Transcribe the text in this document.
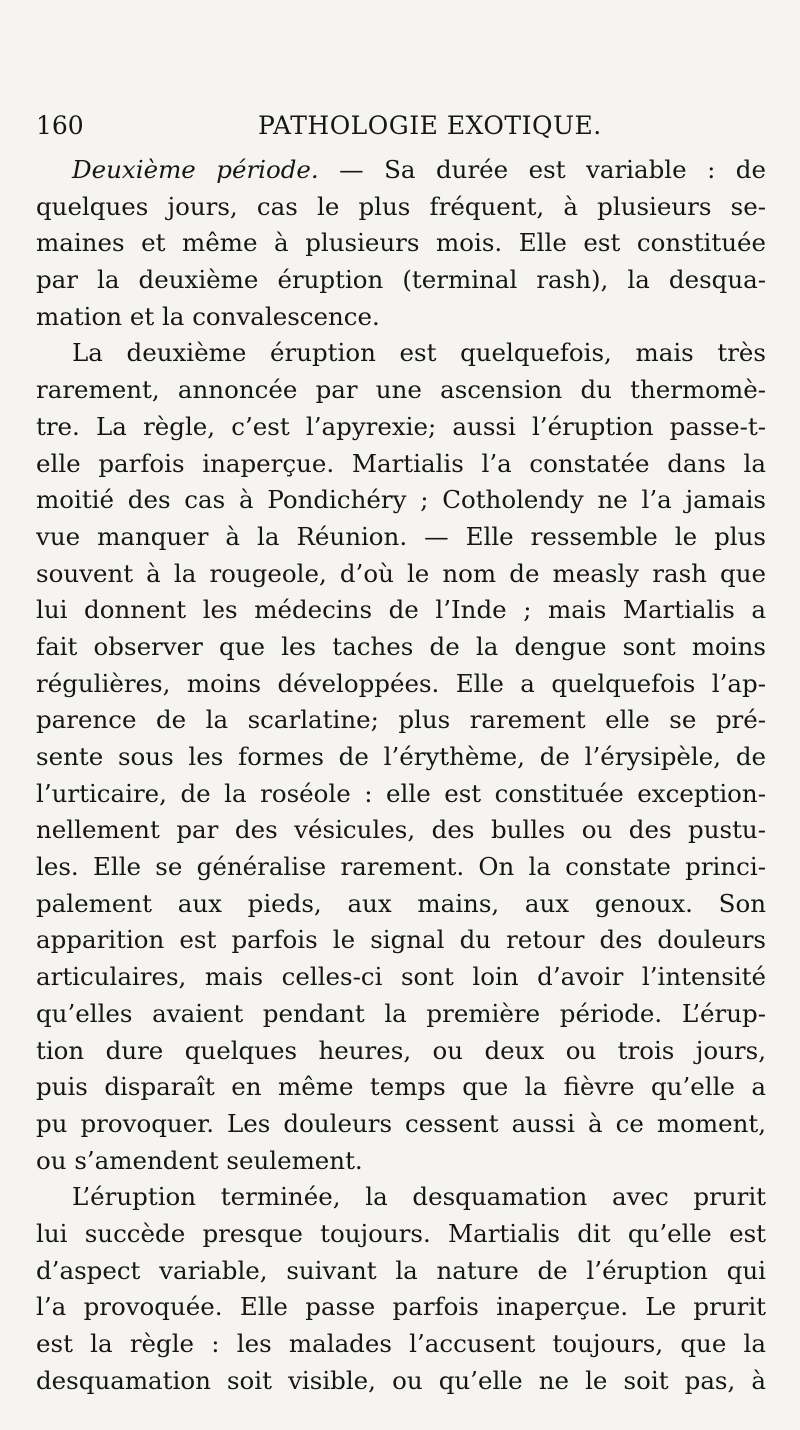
160	PATHOLOGIE EXOTIQUE.
Deuxième période. — Sa durée est variable : de
quelques jours, cas le plus fréquent, à plusieurs se-
maines et même à plusieurs mois. Elle est constituée
par la deuxième éruption (terminal rash), la desqua-
mation et la convalescence.
La deuxième éruption est quelquefois, mais très
rarement, annoncée par une ascension du thermomè-
tre. La règle, c’est l’apyrexie; aussi l’éruption passe-t-
elle parfois inaperçue. Martialis l’a constatée dans la
moitié des cas à Pondichéry ; Cotholendy ne l’a jamais
vue manquer à la Réunion. — Elle ressemble le plus
souvent à la rougeole, d’où le nom de measly rash que
lui donnent les médecins de l’Inde ; mais Martialis a
fait observer que les taches de la dengue sont moins
régulières, moins développées. Elle a quelquefois l’ap-
parence de la scarlatine; plus rarement elle se pré-
sente sous les formes de l’érythème, de l’érysipèle, de
l’urticaire, de la roséole : elle est constituée exception-
nellement par des vésicules, des bulles ou des pustu-
les. Elle se généralise rarement. On la constate princi-
palement aux pieds, aux mains, aux genoux. Son
apparition est parfois le signal du retour des douleurs
articulaires, mais celles-ci sont loin d’avoir l’intensité
qu’elles avaient pendant la première période. L’érup-
tion dure quelques heures, ou deux ou trois jours,
puis disparaît en même temps que la fièvre qu’elle a
pu provoquer. Les douleurs cessent aussi à ce moment,
ou s’amendent seulement.
L’éruption terminée, la desquamation avec prurit
lui succède presque toujours. Martialis dit qu’elle est
d’aspect variable, suivant la nature de l’éruption qui
l’a provoquée. Elle passe parfois inaperçue. Le prurit
est la règle : les malades l’accusent toujours, que la
desquamation soit visible, ou qu’elle ne le soit pas, à
